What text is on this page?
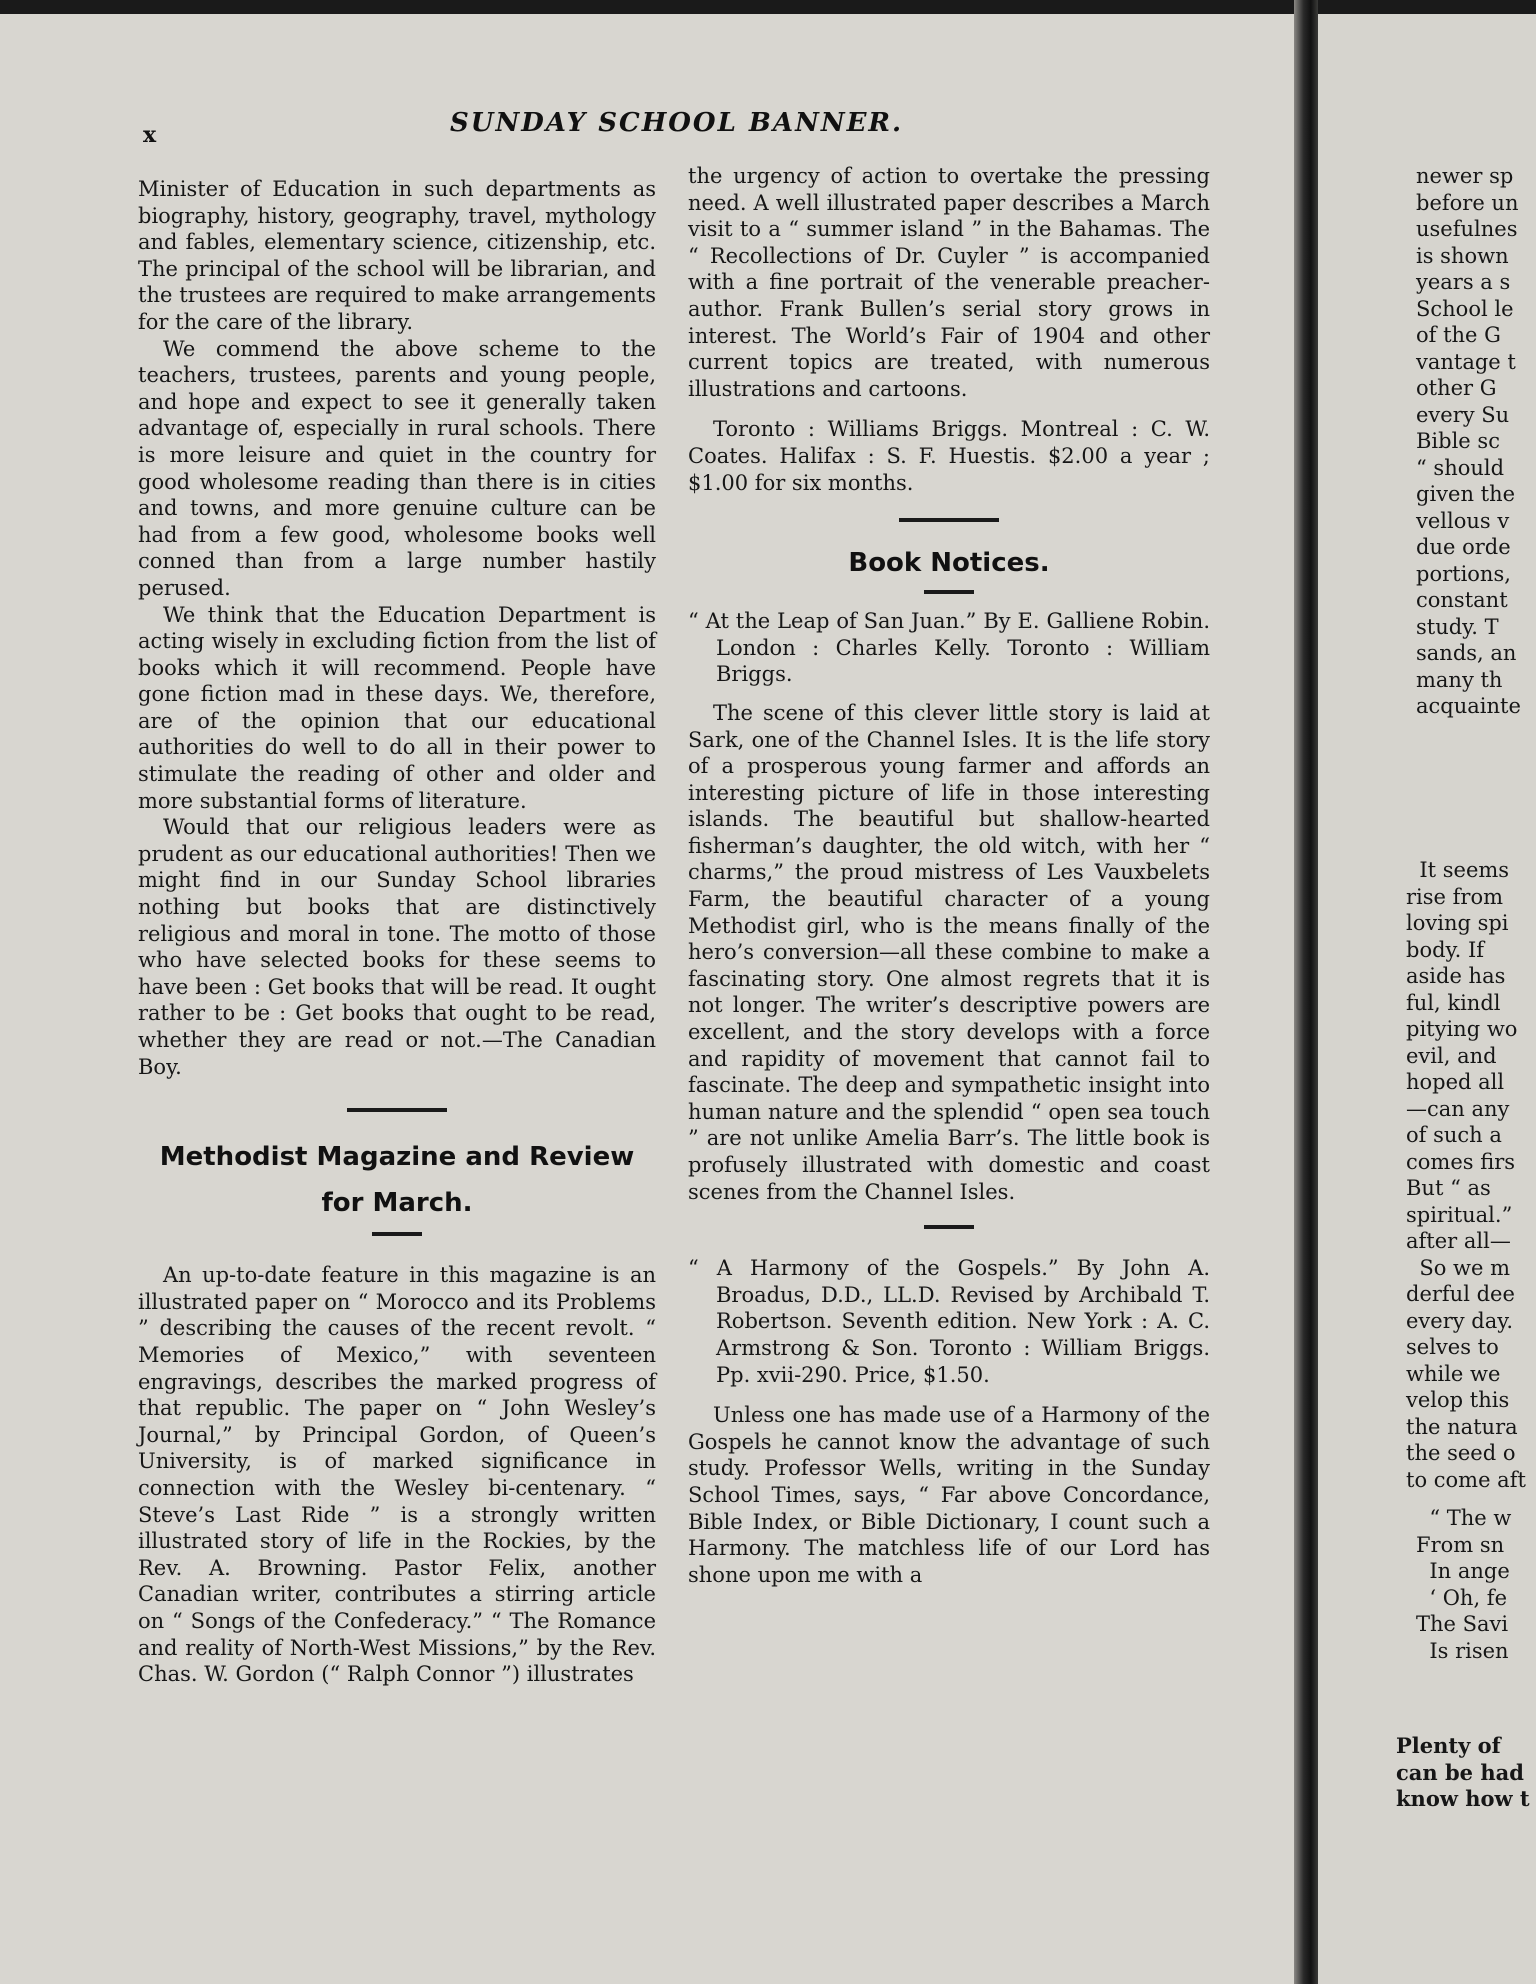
x	SUNDAY SCHOOL BANNER.

Minister of Education in such departments as biography, history, geography, travel, mythology and fables, elementary science, citizenship, etc. The principal of the school will be librarian, and the trustees are required to make arrangements for the care of the library.

We commend the above scheme to the teachers, trustees, parents and young people, and hope and expect to see it generally taken advantage of, especially in rural schools. There is more leisure and quiet in the country for good wholesome reading than there is in cities and towns, and more genuine culture can be had from a few good, wholesome books well conned than from a large number hastily perused.

We think that the Education Department is acting wisely in excluding fiction from the list of books which it will recommend. People have gone fiction mad in these days. We, therefore, are of the opinion that our educational authorities do well to do all in their power to stimulate the reading of other and older and more substantial forms of literature.

Would that our religious leaders were as prudent as our educational authorities! Then we might find in our Sunday School libraries nothing but books that are distinctively religious and moral in tone. The motto of those who have selected books for these seems to have been : Get books that will be read. It ought rather to be : Get books that ought to be read, whether they are read or not.—The Canadian Boy.

Methodist Magazine and Review
for March.

An up-to-date feature in this magazine is an illustrated paper on “ Morocco and its Problems ” describing the causes of the recent revolt. “ Memories of Mexico,” with seventeen engravings, describes the marked progress of that republic. The paper on “ John Wesley’s Journal,” by Principal Gordon, of Queen’s University, is of marked significance in connection with the Wesley bi-centenary. “ Steve’s Last Ride ” is a strongly written illustrated story of life in the Rockies, by the Rev. A. Browning. Pastor Felix, another Canadian writer, contributes a stirring article on “ Songs of the Confederacy.” “ The Romance and reality of North-West Missions,” by the Rev. Chas. W. Gordon (“ Ralph Connor ”) illustrates

the urgency of action to overtake the pressing need. A well illustrated paper describes a March visit to a “ summer island ” in the Bahamas. The “ Recollections of Dr. Cuyler ” is accompanied with a fine portrait of the venerable preacher-author. Frank Bullen’s serial story grows in interest. The World’s Fair of 1904 and other current topics are treated, with numerous illustrations and cartoons.

Toronto : Williams Briggs. Montreal : C. W. Coates. Halifax : S. F. Huestis. $2.00 a year ; $1.00 for six months.

Book Notices.

“ At the Leap of San Juan.” By E. Galliene Robin. London : Charles Kelly. Toronto : William Briggs.

The scene of this clever little story is laid at Sark, one of the Channel Isles. It is the life story of a prosperous young farmer and affords an interesting picture of life in those interesting islands. The beautiful but shallow-hearted fisherman’s daughter, the old witch, with her “ charms,” the proud mistress of Les Vauxbelets Farm, the beautiful character of a young Methodist girl, who is the means finally of the hero’s conversion—all these combine to make a fascinating story. One almost regrets that it is not longer. The writer’s descriptive powers are excellent, and the story develops with a force and rapidity of movement that cannot fail to fascinate. The deep and sympathetic insight into human nature and the splendid “ open sea touch ” are not unlike Amelia Barr’s. The little book is profusely illustrated with domestic and coast scenes from the Channel Isles.

“ A Harmony of the Gospels.” By John A. Broadus, D.D., LL.D. Revised by Archibald T. Robertson. Seventh edition. New York : A. C. Armstrong & Son. Toronto : William Briggs. Pp. xvii-290. Price, $1.50.

Unless one has made use of a Harmony of the Gospels he cannot know the advantage of such study. Professor Wells, writing in the Sunday School Times, says, “ Far above Concordance, Bible Index, or Bible Dictionary, I count such a Harmony. The matchless life of our Lord has shone upon me with a

newer sp
before un
usefulnes
is shown
years a s
School le
of the G
vantage t
other G
every Su
Bible sc
“ should
given the
vellous v
due orde
portions,
constant
study. T
sands, an
many th
acquainte
It seems
rise from
loving spi
body. If
aside has
ful, kindl
pitying wo
evil, and
hoped all
—can any
of such a
comes firs
But “ as
spiritual.”
after all—
So we m
derful dee
every day.
selves to
while we
velop this
the natura
the seed o
to come aft
“ The w
From sn
In ange
‘ Oh, fe
The Savi
Is risen
Plenty of
can be had
know how t
